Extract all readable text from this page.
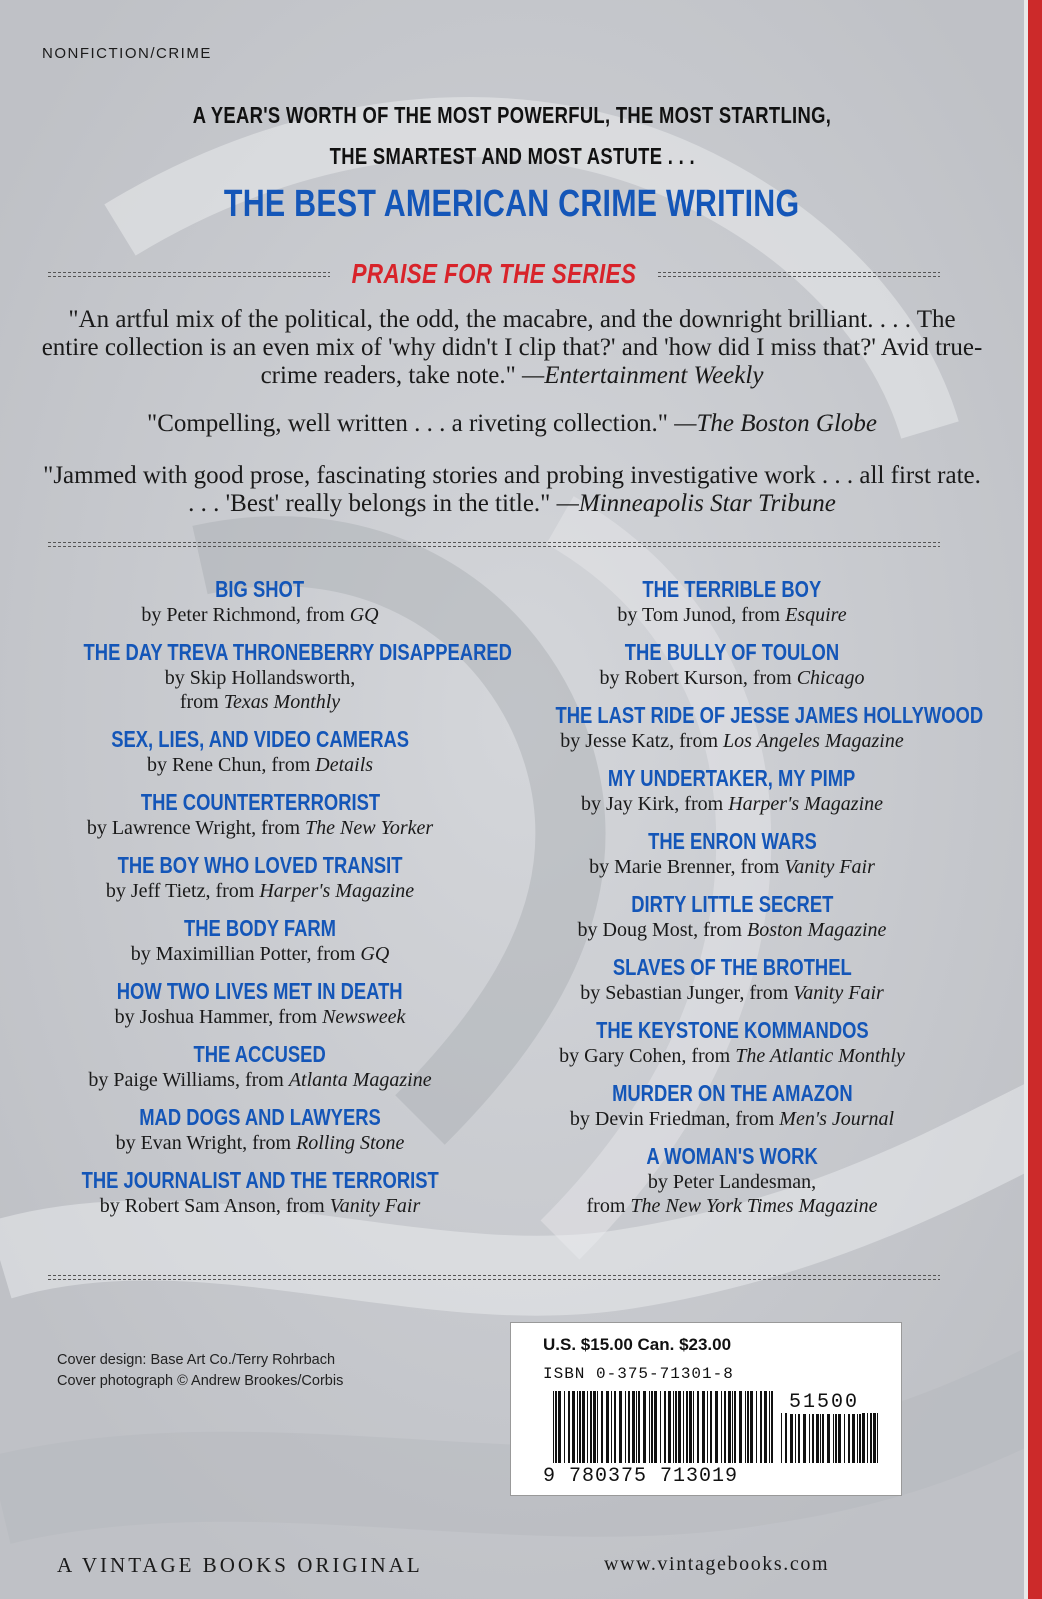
NONFICTION/CRIME
A YEAR'S WORTH OF THE MOST POWERFUL, THE MOST STARTLING,
THE SMARTEST AND MOST ASTUTE . . .
THE BEST AMERICAN CRIME WRITING
PRAISE FOR THE SERIES
"An artful mix of the political, the odd, the macabre, and the downright brilliant. . . . The entire collection is an even mix of 'why didn't I clip that?' and 'how did I miss that?' Avid true-crime readers, take note." —Entertainment Weekly
"Compelling, well written . . . a riveting collection." —The Boston Globe
"Jammed with good prose, fascinating stories and probing investigative work . . . all first rate. . . . 'Best' really belongs in the title." —Minneapolis Star Tribune
BIG SHOT
by Peter Richmond, from GQ
THE DAY TREVA THRONEBERRY DISAPPEARED
by Skip Hollandsworth,
from Texas Monthly
SEX, LIES, AND VIDEO CAMERAS
by Rene Chun, from Details
THE COUNTERTERRORIST
by Lawrence Wright, from The New Yorker
THE BOY WHO LOVED TRANSIT
by Jeff Tietz, from Harper's Magazine
THE BODY FARM
by Maximillian Potter, from GQ
HOW TWO LIVES MET IN DEATH
by Joshua Hammer, from Newsweek
THE ACCUSED
by Paige Williams, from Atlanta Magazine
MAD DOGS AND LAWYERS
by Evan Wright, from Rolling Stone
THE JOURNALIST AND THE TERRORIST
by Robert Sam Anson, from Vanity Fair
THE TERRIBLE BOY
by Tom Junod, from Esquire
THE BULLY OF TOULON
by Robert Kurson, from Chicago
THE LAST RIDE OF JESSE JAMES HOLLYWOOD
by Jesse Katz, from Los Angeles Magazine
MY UNDERTAKER, MY PIMP
by Jay Kirk, from Harper's Magazine
THE ENRON WARS
by Marie Brenner, from Vanity Fair
DIRTY LITTLE SECRET
by Doug Most, from Boston Magazine
SLAVES OF THE BROTHEL
by Sebastian Junger, from Vanity Fair
THE KEYSTONE KOMMANDOS
by Gary Cohen, from The Atlantic Monthly
MURDER ON THE AMAZON
by Devin Friedman, from Men's Journal
A WOMAN'S WORK
by Peter Landesman,
from The New York Times Magazine
Cover design: Base Art Co./Terry Rohrbach
Cover photograph © Andrew Brookes/Corbis
U.S. $15.00 Can. $23.00
ISBN 0-375-71301-8
51500
9 780375 713019
A VINTAGE BOOKS ORIGINAL	www.vintagebooks.com
